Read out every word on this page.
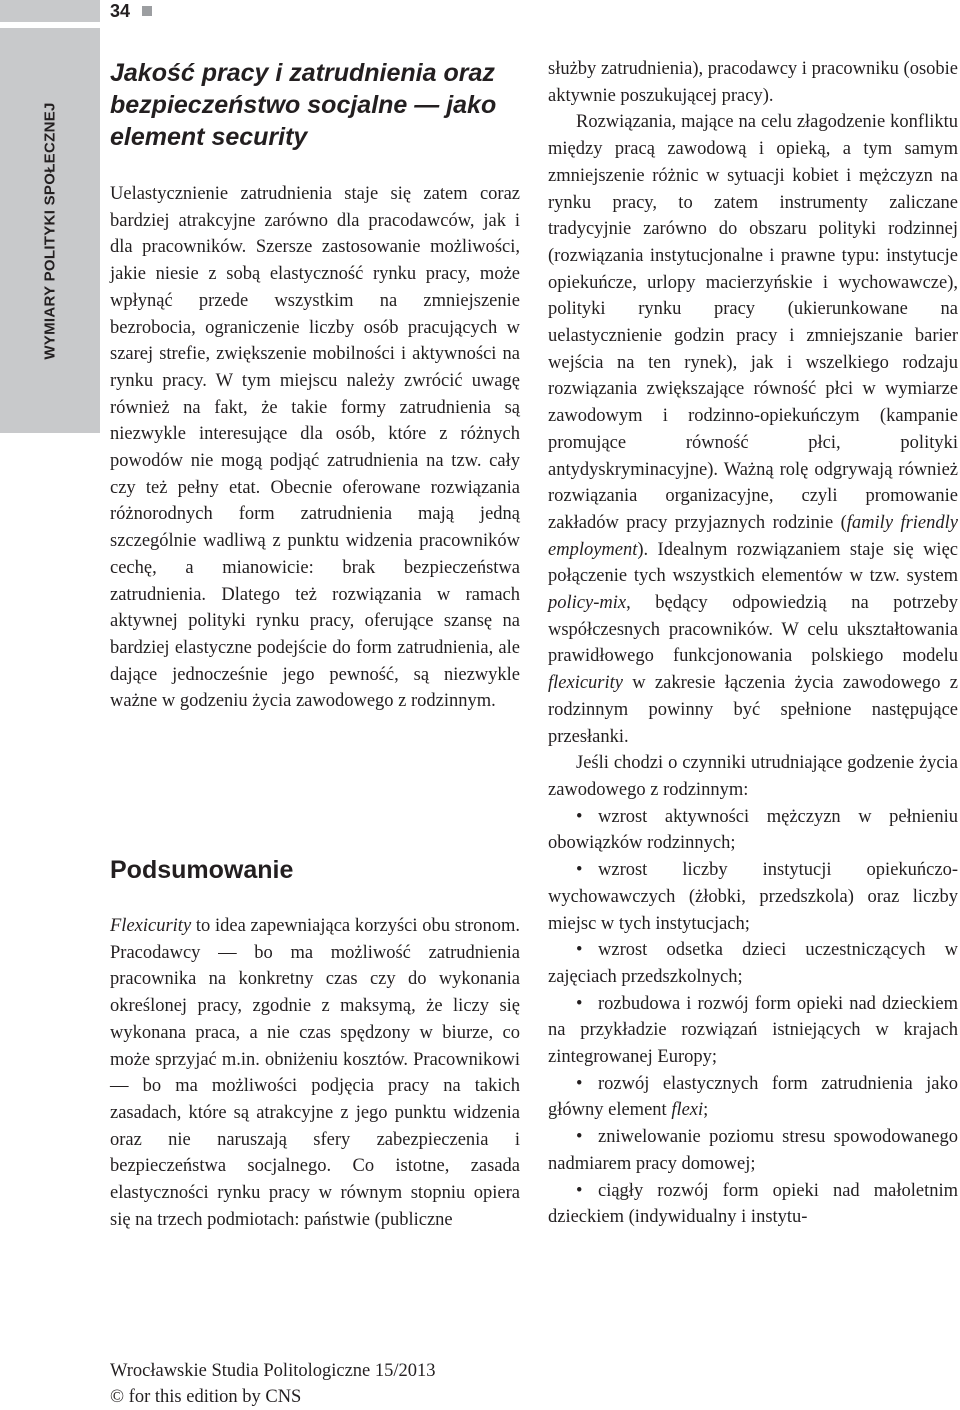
34
WYMIARY POLITYKI SPOŁECZNEJ
Jakość pracy i zatrudnienia oraz bezpieczeństwo socjalne — jako element security

Uelastycznienie zatrudnienia staje się zatem coraz bardziej atrakcyjne zarówno dla pracodawców, jak i dla pracowników. Szersze zastosowanie możliwości, jakie niesie z sobą elastyczność rynku pracy, może wpłynąć przede wszystkim na zmniejszenie bezrobocia, ograniczenie liczby osób pracujących w szarej strefie, zwiększenie mobilności i aktywności na rynku pracy. W tym miejscu należy zwrócić uwagę również na fakt, że takie formy zatrudnienia są niezwykle interesujące dla osób, które z różnych powodów nie mogą podjąć zatrudnienia na tzw. cały czy też pełny etat. Obecnie oferowane rozwiązania różnorodnych form zatrudnienia mają jedną szczególnie wadliwą z punktu widzenia pracowników cechę, a mianowicie: brak bezpieczeństwa zatrudnienia. Dlatego też rozwiązania w ramach aktywnej polityki rynku pracy, oferujące szansę na bardziej elastyczne podejście do form zatrudnienia, ale dające jednocześnie jego pewność, są niezwykle ważne w godzeniu życia zawodowego z rodzinnym.

Podsumowanie

Flexicurity to idea zapewniająca korzyści obu stronom. Pracodawcy — bo ma możliwość zatrudnienia pracownika na konkretny czas czy do wykonania określonej pracy, zgodnie z maksymą, że liczy się wykonana praca, a nie czas spędzony w biurze, co może sprzyjać m.in. obniżeniu kosztów. Pracownikowi — bo ma możliwości podjęcia pracy na takich zasadach, które są atrakcyjne z jego punktu widzenia oraz nie naruszają sfery zabezpieczenia i bezpieczeństwa socjalnego. Co istotne, zasada elastyczności rynku pracy w równym stopniu opiera się na trzech podmiotach: państwie (publiczne

służby zatrudnienia), pracodawcy i pracowniku (osobie aktywnie poszukującej pracy).

Rozwiązania, mające na celu złagodzenie konfliktu między pracą zawodową i opieką, a tym samym zmniejszenie różnic w sytuacji kobiet i mężczyzn na rynku pracy, to zatem instrumenty zaliczane tradycyjnie zarówno do obszaru polityki rodzinnej (rozwiązania instytucjonalne i prawne typu: instytucje opiekuńcze, urlopy macierzyńskie i wychowawcze), polityki rynku pracy (ukierunkowane na uelastycznienie godzin pracy i zmniejszanie barier wejścia na ten rynek), jak i wszelkiego rodzaju rozwiązania zwiększające równość płci w wymiarze zawodowym i rodzinno-opiekuńczym (kampanie promujące równość płci, polityki antydyskryminacyjne). Ważną rolę odgrywają również rozwiązania organizacyjne, czyli promowanie zakładów pracy przyjaznych rodzinie (family friendly employment). Idealnym rozwiązaniem staje się więc połączenie tych wszystkich elementów w tzw. system policy-mix, będący odpowiedzią na potrzeby współczesnych pracowników. W celu ukształtowania prawidłowego funkcjonowania polskiego modelu flexicurity w zakresie łączenia życia zawodowego z rodzinnym powinny być spełnione następujące przesłanki.

Jeśli chodzi o czynniki utrudniające godzenie życia zawodowego z rodzinnym:

• wzrost aktywności mężczyzn w pełnieniu obowiązków rodzinnych;
• wzrost liczby instytucji opiekuńczo-wychowawczych (żłobki, przedszkola) oraz liczby miejsc w tych instytucjach;
• wzrost odsetka dzieci uczestniczących w zajęciach przedszkolnych;
• rozbudowa i rozwój form opieki nad dzieckiem na przykładzie rozwiązań istniejących w krajach zintegrowanej Europy;
• rozwój elastycznych form zatrudnienia jako główny element flexi;
• zniwelowanie poziomu stresu spowodowanego nadmiarem pracy domowej;
• ciągły rozwój form opieki nad małoletnim dzieckiem (indywidualny i instytu-
Wrocławskie Studia Politologiczne 15/2013
© for this edition by CNS
